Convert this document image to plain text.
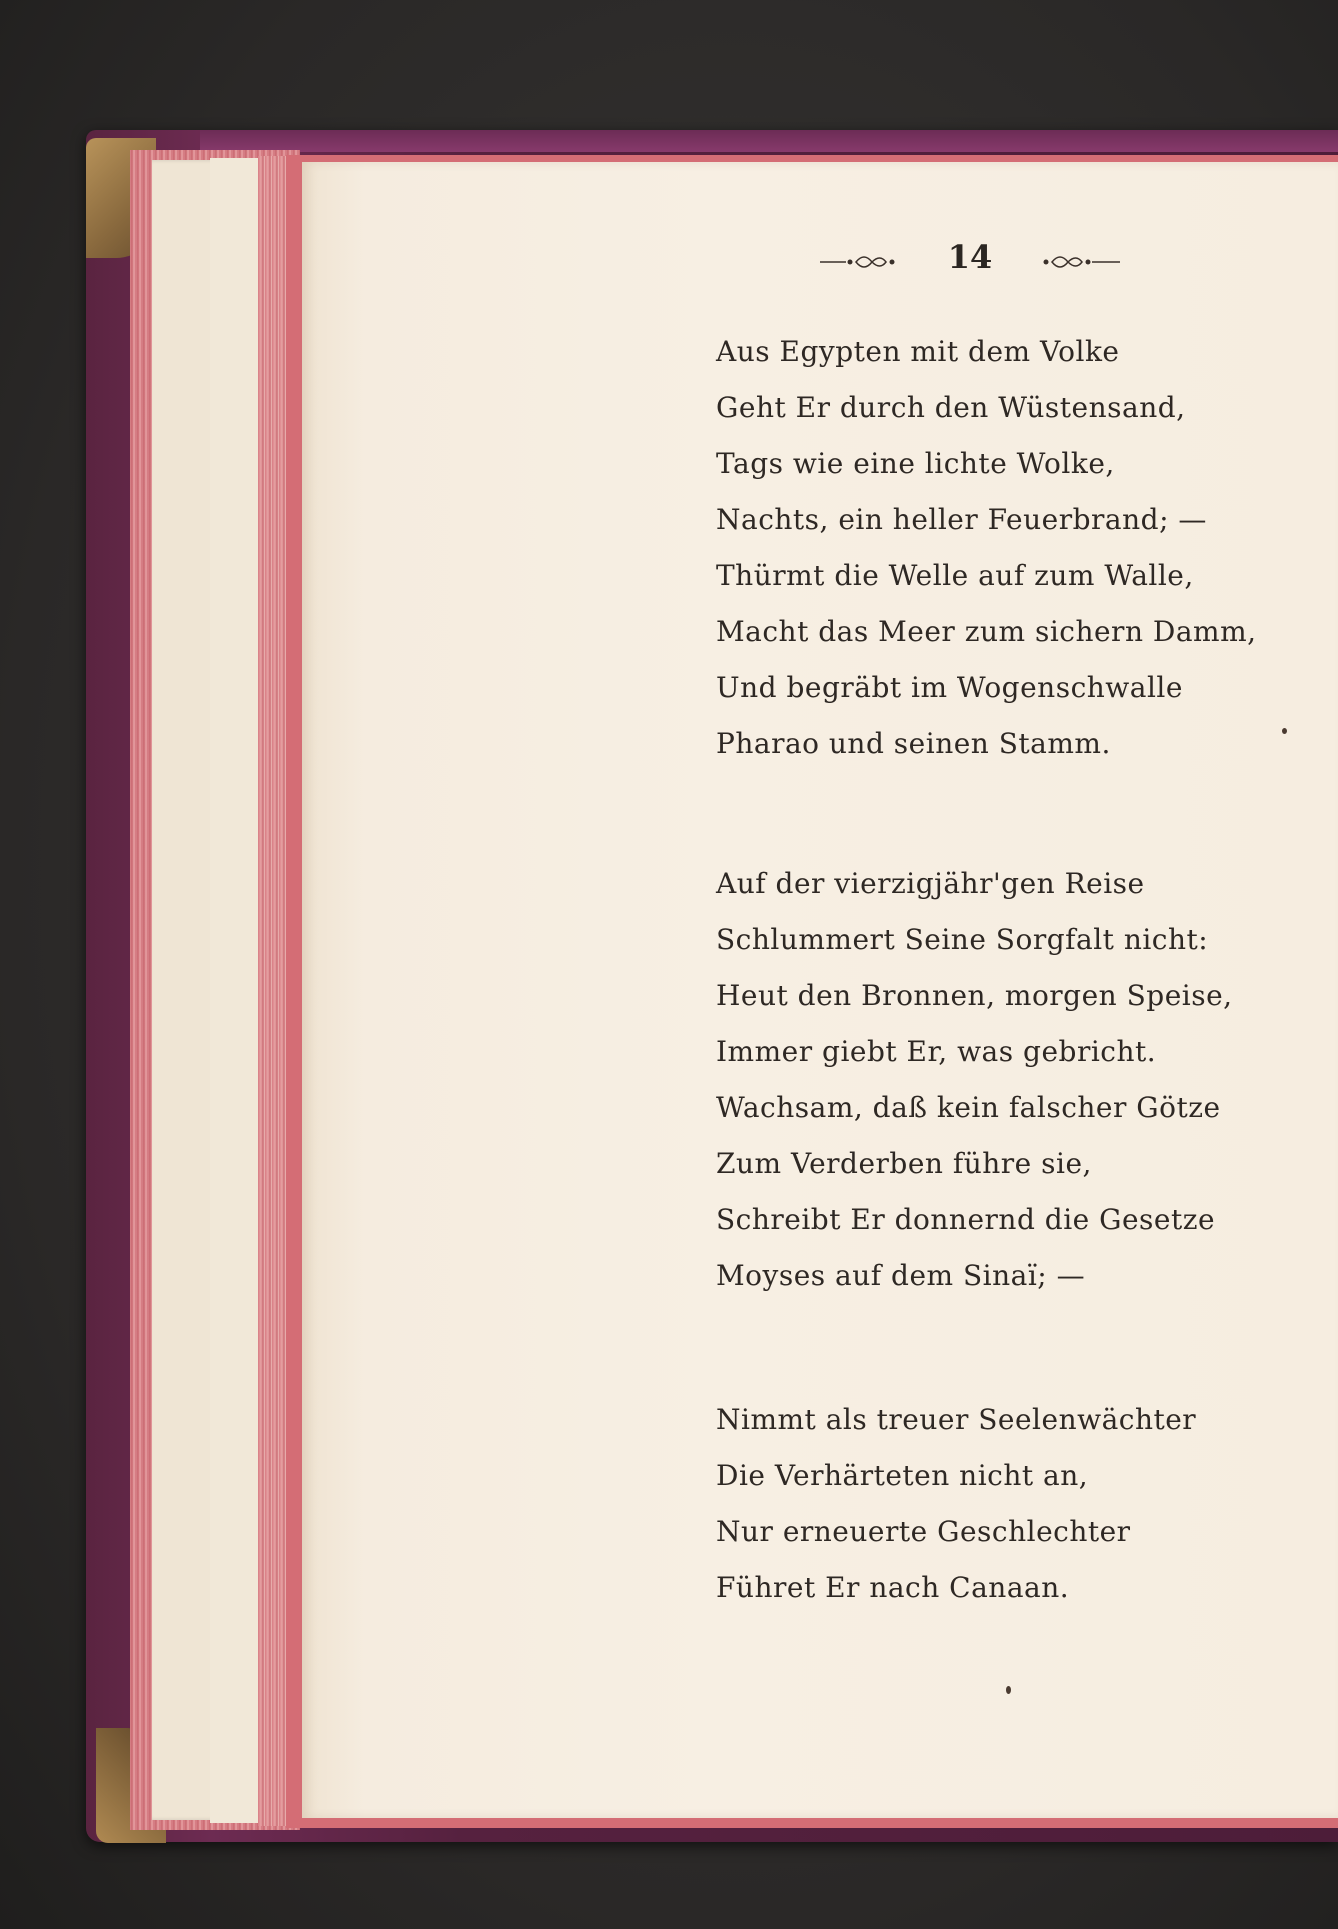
14
Aus Egypten mit dem Volke
Geht Er durch den Wüstensand,
Tags wie eine lichte Wolke,
Nachts, ein heller Feuerbrand; —
Thürmt die Welle auf zum Walle,
Macht das Meer zum sichern Damm,
Und begräbt im Wogenschwalle
Pharao und seinen Stamm.
Auf der vierzigjähr'gen Reise
Schlummert Seine Sorgfalt nicht:
Heut den Bronnen, morgen Speise,
Immer giebt Er, was gebricht.
Wachsam, daß kein falscher Götze
Zum Verderben führe sie,
Schreibt Er donnernd die Gesetze
Moyses auf dem Sinaï; —
Nimmt als treuer Seelenwächter
Die Verhärteten nicht an,
Nur erneuerte Geschlechter
Führet Er nach Canaan.
